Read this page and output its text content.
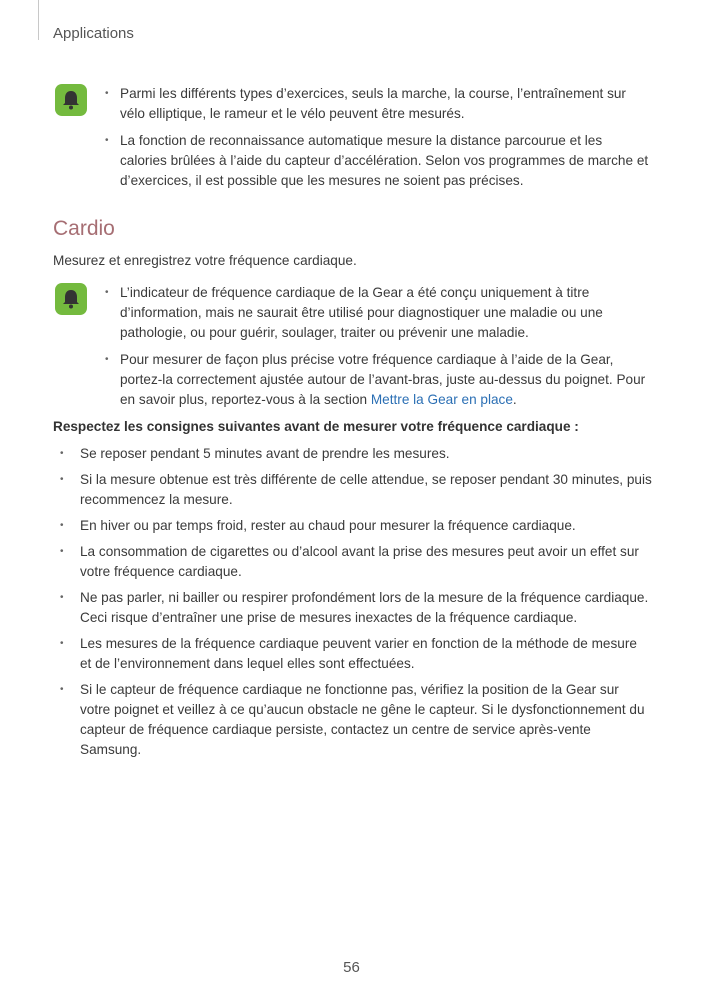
Applications
• Parmi les différents types d’exercices, seuls la marche, la course, l’entraînement sur vélo elliptique, le rameur et le vélo peuvent être mesurés.
• La fonction de reconnaissance automatique mesure la distance parcourue et les calories brûlées à l’aide du capteur d’accélération. Selon vos programmes de marche et d’exercices, il est possible que les mesures ne soient pas précises.
Cardio
Mesurez et enregistrez votre fréquence cardiaque.
• L’indicateur de fréquence cardiaque de la Gear a été conçu uniquement à titre d’information, mais ne saurait être utilisé pour diagnostiquer une maladie ou une pathologie, ou pour guérir, soulager, traiter ou prévenir une maladie.
• Pour mesurer de façon plus précise votre fréquence cardiaque à l’aide de la Gear, portez-la correctement ajustée autour de l’avant-bras, juste au-dessus du poignet. Pour en savoir plus, reportez-vous à la section Mettre la Gear en place.
Respectez les consignes suivantes avant de mesurer votre fréquence cardiaque :
• Se reposer pendant 5 minutes avant de prendre les mesures.
• Si la mesure obtenue est très différente de celle attendue, se reposer pendant 30 minutes, puis recommencez la mesure.
• En hiver ou par temps froid, rester au chaud pour mesurer la fréquence cardiaque.
• La consommation de cigarettes ou d’alcool avant la prise des mesures peut avoir un effet sur votre fréquence cardiaque.
• Ne pas parler, ni bailler ou respirer profondément lors de la mesure de la fréquence cardiaque. Ceci risque d’entraîner une prise de mesures inexactes de la fréquence cardiaque.
• Les mesures de la fréquence cardiaque peuvent varier en fonction de la méthode de mesure et de l’environnement dans lequel elles sont effectuées.
• Si le capteur de fréquence cardiaque ne fonctionne pas, vérifiez la position de la Gear sur votre poignet et veillez à ce qu’aucun obstacle ne gêne le capteur. Si le dysfonctionnement du capteur de fréquence cardiaque persiste, contactez un centre de service après-vente Samsung.
56
